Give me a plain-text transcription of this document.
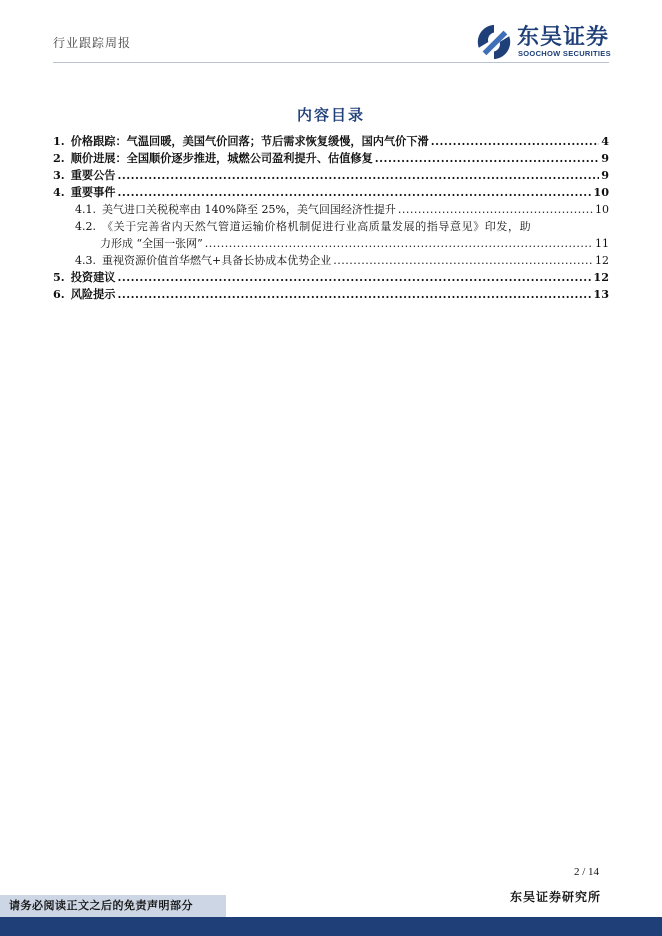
行业跟踪周报	东吴证券
SOOCHOW SECURITIES
内容目录
1. 价格跟踪：气温回暖，美国气价回落；节后需求恢复缓慢，国内气价下滑 .....	4
2. 顺价进展：全国顺价逐步推进，城燃公司盈利提升、估值修复 .....	9
3. 重要公告 .....	9
4. 重要事件 .....	10
4.1. 美气进口关税税率由 140%降至 25%，美气回国经济性提升 .....	10
4.2. 《关于完善省内天然气管道运输价格机制促进行业高质量发展的指导意见》印发，助
力形成 “全国一张网” .....	11
4.3. 重视资源价值首华燃气+具备长协成本优势企业 .....	12
5. 投资建议 .....	12
6. 风险提示 .....	13
2 / 14
东吴证券研究所
请务必阅读正文之后的免责声明部分
